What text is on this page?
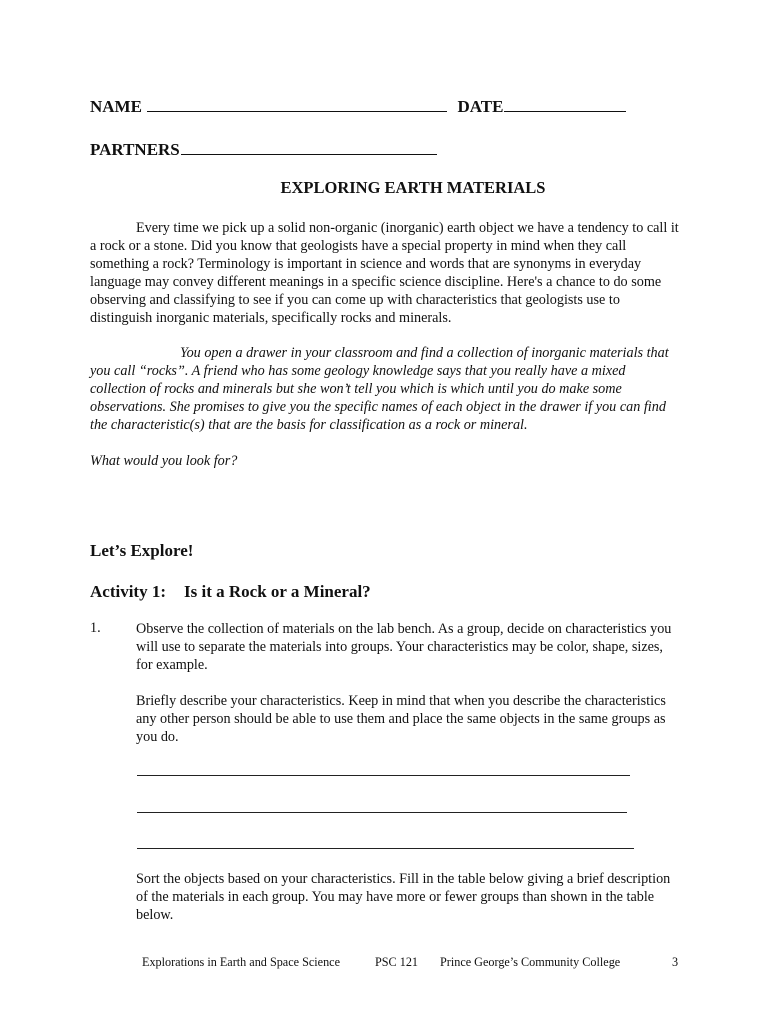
NAME	DATE
PARTNERS
EXPLORING EARTH MATERIALS
Every time we pick up a solid non-organic (inorganic) earth object we have a tendency to call it a rock or a stone. Did you know that geologists have a special property in mind when they call something a rock? Terminology is important in science and words that are synonyms in everyday language may convey different meanings in a specific science discipline. Here's a chance to do some observing and classifying to see if you can come up with characteristics that geologists use to distinguish inorganic materials, specifically rocks and minerals.
You open a drawer in your classroom and find a collection of inorganic materials that you call “rocks”. A friend who has some geology knowledge says that you really have a mixed collection of rocks and minerals but she won’t tell you which is which until you do make some observations. She promises to give you the specific names of each object in the drawer if you can find the characteristic(s) that are the basis for classification as a rock or mineral.
What would you look for?
Let’s Explore!
Activity 1: Is it a Rock or a Mineral?
1. Observe the collection of materials on the lab bench. As a group, decide on characteristics you will use to separate the materials into groups. Your characteristics may be color, shape, sizes, for example.
Briefly describe your characteristics. Keep in mind that when you describe the characteristics any other person should be able to use them and place the same objects in the same groups as you do.
Sort the objects based on your characteristics. Fill in the table below giving a brief description of the materials in each group. You may have more or fewer groups than shown in the table below.
Explorations in Earth and Space Science	PSC 121 Prince George’s Community College	3
